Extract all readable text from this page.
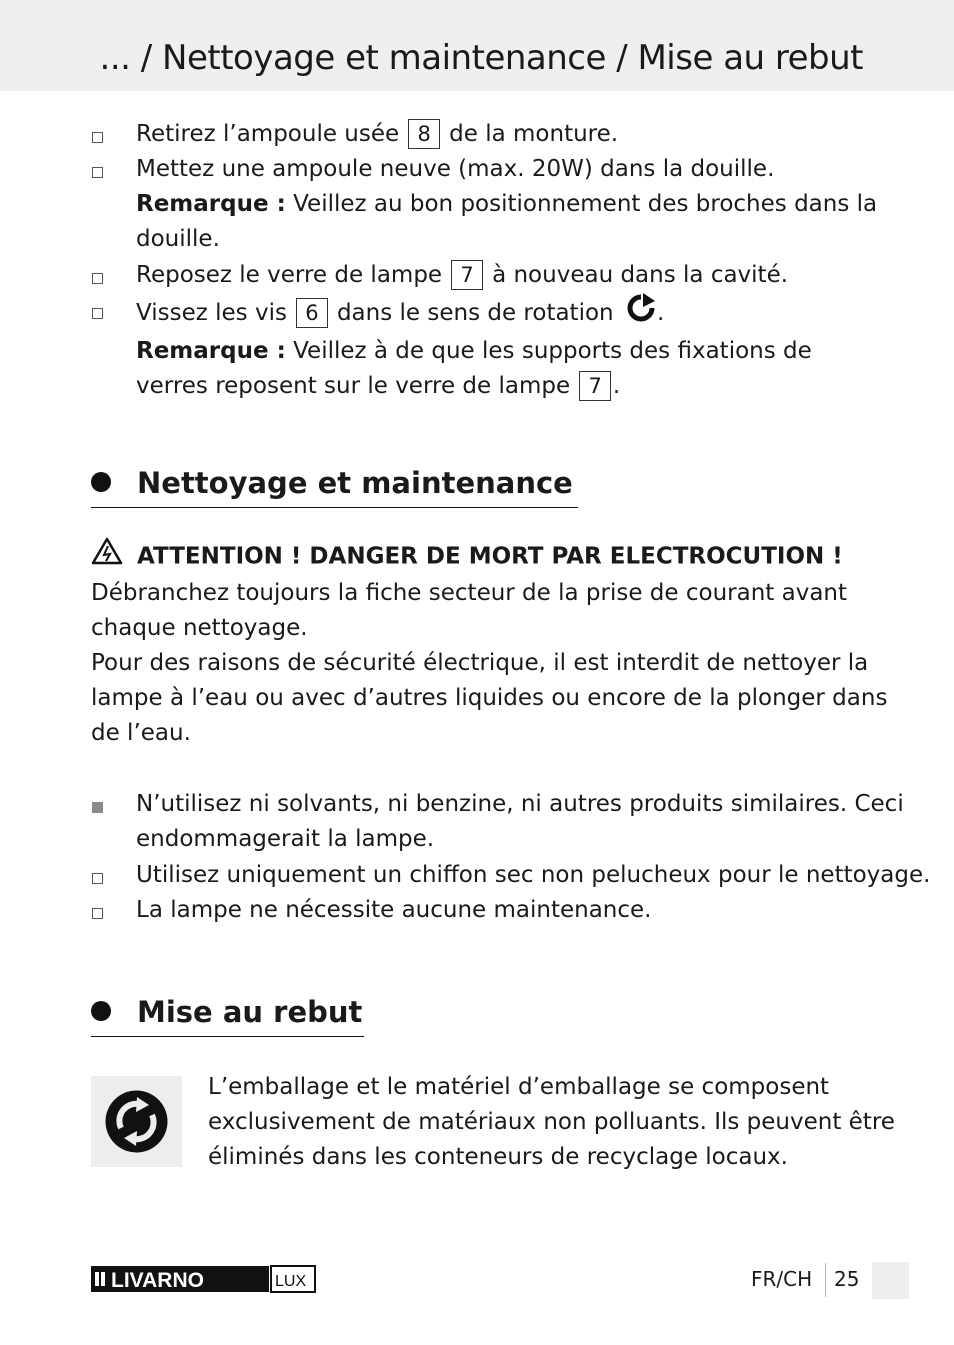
... / Nettoyage et maintenance / Mise au rebut
Retirez l’ampoule usée 8 de la monture.
Mettez une ampoule neuve (max. 20W) dans la douille.
Remarque : Veillez au bon positionnement des broches dans la
douille.
Reposez le verre de lampe 7 à nouveau dans la cavité.
Vissez les vis 6 dans le sens de rotation .
Remarque : Veillez à de que les supports des fixations de
verres reposent sur le verre de lampe 7 .
Nettoyage et maintenance
ATTENTION ! DANGER DE MORT PAR ELECTROCUTION !
Débranchez toujours la fiche secteur de la prise de courant avant
chaque nettoyage.
Pour des raisons de sécurité électrique, il est interdit de nettoyer la
lampe à l’eau ou avec d’autres liquides ou encore de la plonger dans
de l’eau.
N’utilisez ni solvants, ni benzine, ni autres produits similaires. Ceci
endommagerait la lampe.
Utilisez uniquement un chiffon sec non pelucheux pour le nettoyage.
La lampe ne nécessite aucune maintenance.
Mise au rebut
L’emballage et le matériel d’emballage se composent
exclusivement de matériaux non polluants. Ils peuvent être
éliminés dans les conteneurs de recyclage locaux.
LIVARNO	LUX	FR/CH 25
